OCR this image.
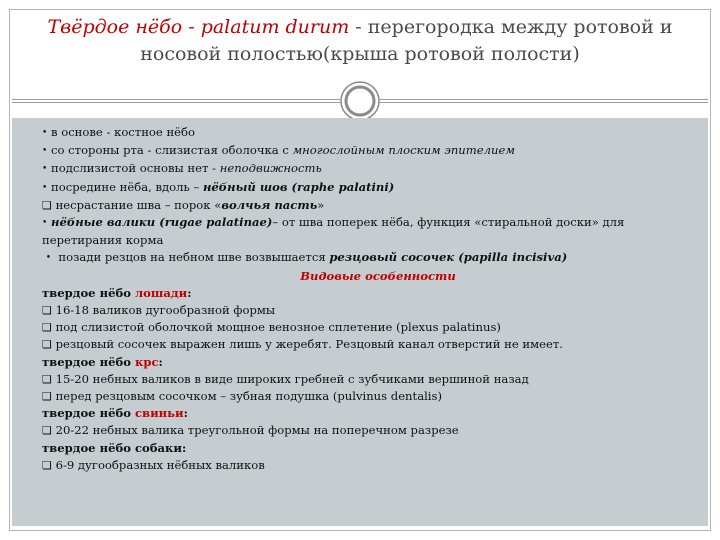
Твёрдое нёбо - palatum durum - перегородка между ротовой и носовой полостью(крыша ротовой полости)

• в основе - костное нёбо

• со стороны рта - слизистая оболочка с многослойным плоским эпителием

• подслизистой основы нет - неподвижность

• посредине нёба, вдоль – нёбный шов (raphe palatini)

❑ несрастание шва – порок «волчья пасть»

• нёбные валики (rugae palatinae)– от шва поперек нёба, функция «стиральной доски» для перетирания корма

• позади резцов на небном шве возвышается резцовый сосочек (papilla incisiva)

Видовые особенности

твердое нёбо лошади:

❑ 16-18 валиков дугообразной формы

❑ под слизистой оболочкой мощное венозное сплетение (plexus palatinus)

❑ резцовый сосочек выражен лишь у жеребят. Резцовый канал отверстий не имеет.

твердое нёбо крс:

❑ 15-20 небных валиков в виде широких гребней с зубчиками вершиной назад

❑ перед резцовым сосочком – зубная подушка (pulvinus dentalis)

твердое нёбо свиньи:

❑ 20-22 небных валика треугольной формы на поперечном разрезе

твердое нёбо собаки:

❑ 6-9 дугообразных нёбных валиков
